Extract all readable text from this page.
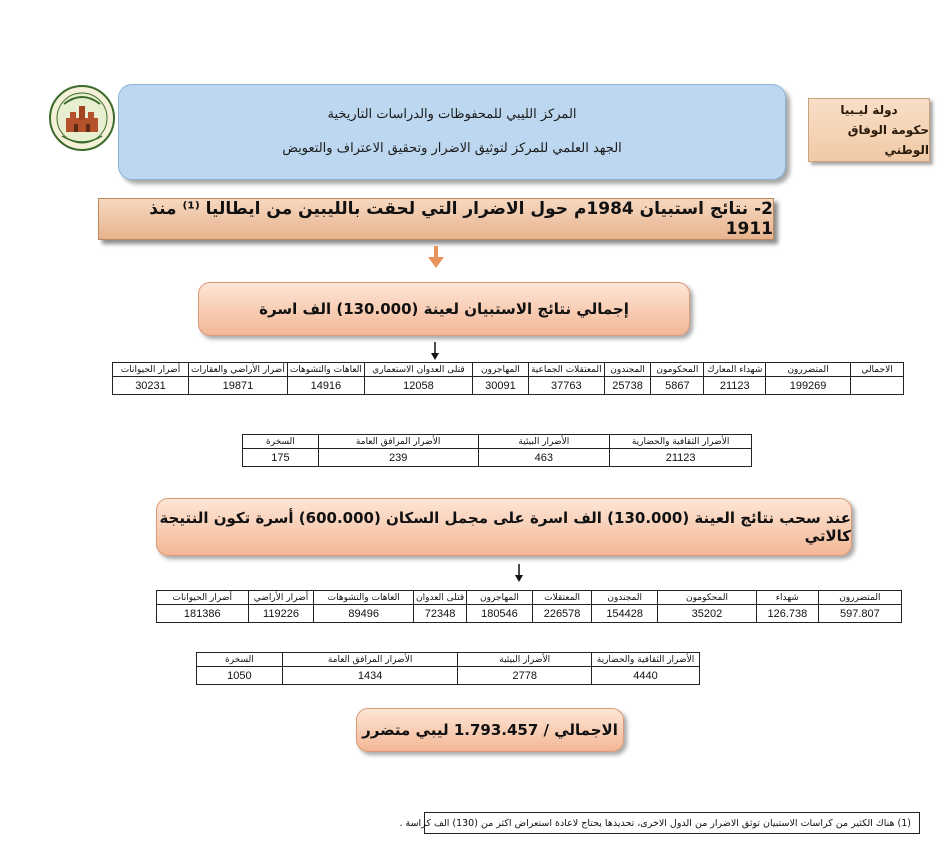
دولة ليـبيا
حكومة الوفاق الوطني
المركز الليبي للمحفوظات والدراسات التاريخية
الجهد العلمي للمركز لتوثيق الاضرار وتحقيق الاعتراف والتعويض
2- نتائج استبيان 1984م حول الاضرار التي لحقت بالليبين من ايطاليا ⁽¹⁾ منذ 1911
إجمالي نتائج الاستبيان لعينة (130.000) الف اسرة
الاجمالي	المتضررون	شهداء المعارك	المحكومون	المجندون	المعتقلات الجماعية	المهاجرون	قتلى العدوان الاستعماري	العاهات والتشوهات	أضرار الأراضي والعقارات	أضرار الحيوانات
	199269	21123	5867	25738	37763	30091	12058	14916	19871	30231
الأضرار الثقافية والحضارية	الأضرار البيئية	الأضرار المرافق العامة	السخرة
21123	463	239	175
عند سحب نتائج العينة (130.000) الف اسرة على مجمل السكان (600.000) أسرة تكون النتيجة كالاتي
المتضررون	شهداء	المحكومون	المجندون	المعتقلات	المهاجرون	قتلى العدوان	العاهات والتشوهات	أضرار الأراضي	أضرار الحيوانات
597.807	126.738	35202	154428	226578	180546	72348	89496	119226	181386
الأضرار الثقافية والحضارية	الأضرار البيئية	الأضرار المرافق العامة	السخرة
4440	2778	1434	1050
الاجمالي / 1.793.457 ليبي متضرر
(1) هناك الكثير من كراسات الاستبيان توثق الاضرار من الدول الاخرى، تحديدها يحتاج لاعادة استعراض اكثر من (130) الف كراسة .
